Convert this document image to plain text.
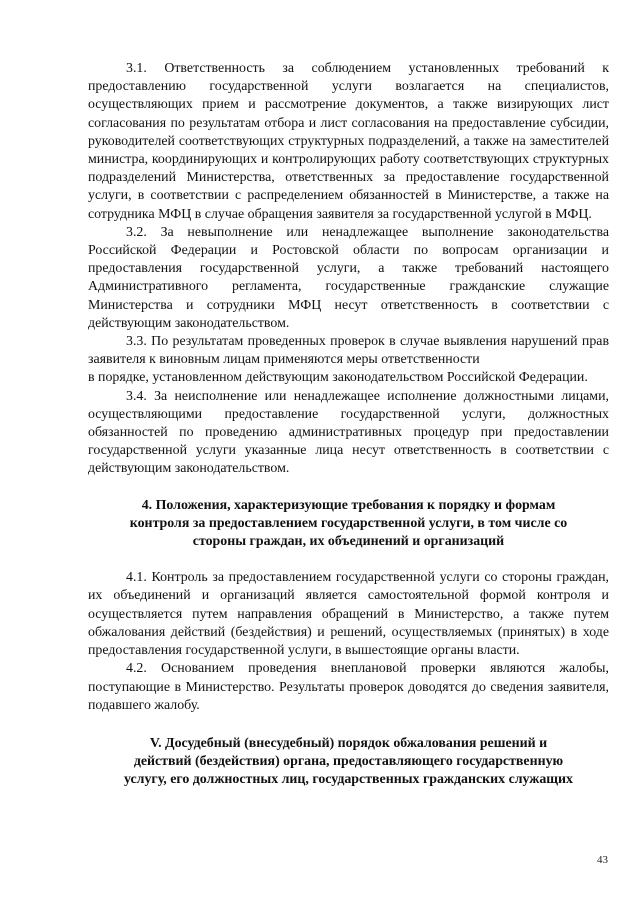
3.1. Ответственность за соблюдением установленных требований к предоставлению государственной услуги возлагается на специалистов, осуществляющих прием и рассмотрение документов, а также визирующих лист согласования по результатам отбора и лист согласования на предоставление субсидии, руководителей соответствующих структурных подразделений, а также на заместителей министра, координирующих и контролирующих работу соответствующих структурных подразделений Министерства, ответственных за предоставление государственной услуги, в соответствии с распределением обязанностей в Министерстве, а также на сотрудника МФЦ в случае обращения заявителя за государственной услугой в МФЦ.

3.2. За невыполнение или ненадлежащее выполнение законодательства Российской Федерации и Ростовской области по вопросам организации и предоставления государственной услуги, а также требований настоящего Административного регламента, государственные гражданские служащие Министерства и сотрудники МФЦ несут ответственность в соответствии с действующим законодательством.

3.3. По результатам проведенных проверок в случае выявления нарушений прав заявителя к виновным лицам применяются меры ответственности

в порядке, установленном действующим законодательством Российской Федерации.

3.4. За неисполнение или ненадлежащее исполнение должностными лицами, осуществляющими предоставление государственной услуги, должностных обязанностей по проведению административных процедур при предоставлении государственной услуги указанные лица несут ответственность в соответствии с действующим законодательством.

4. Положения, характеризующие требования к порядку и формам

контроля за предоставлением государственной услуги, в том числе со

стороны граждан, их объединений и организаций

4.1. Контроль за предоставлением государственной услуги со стороны граждан, их объединений и организаций является самостоятельной формой контроля и осуществляется путем направления обращений в Министерство, а также путем обжалования действий (бездействия) и решений, осуществляемых (принятых) в ходе предоставления государственной услуги, в вышестоящие органы власти.

4.2. Основанием проведения внеплановой проверки являются жалобы, поступающие в Министерство. Результаты проверок доводятся до сведения заявителя, подавшего жалобу.

V. Досудебный (внесудебный) порядок обжалования решений и

действий (бездействия) органа, предоставляющего государственную

услугу, его должностных лиц, государственных гражданских служащих

43
